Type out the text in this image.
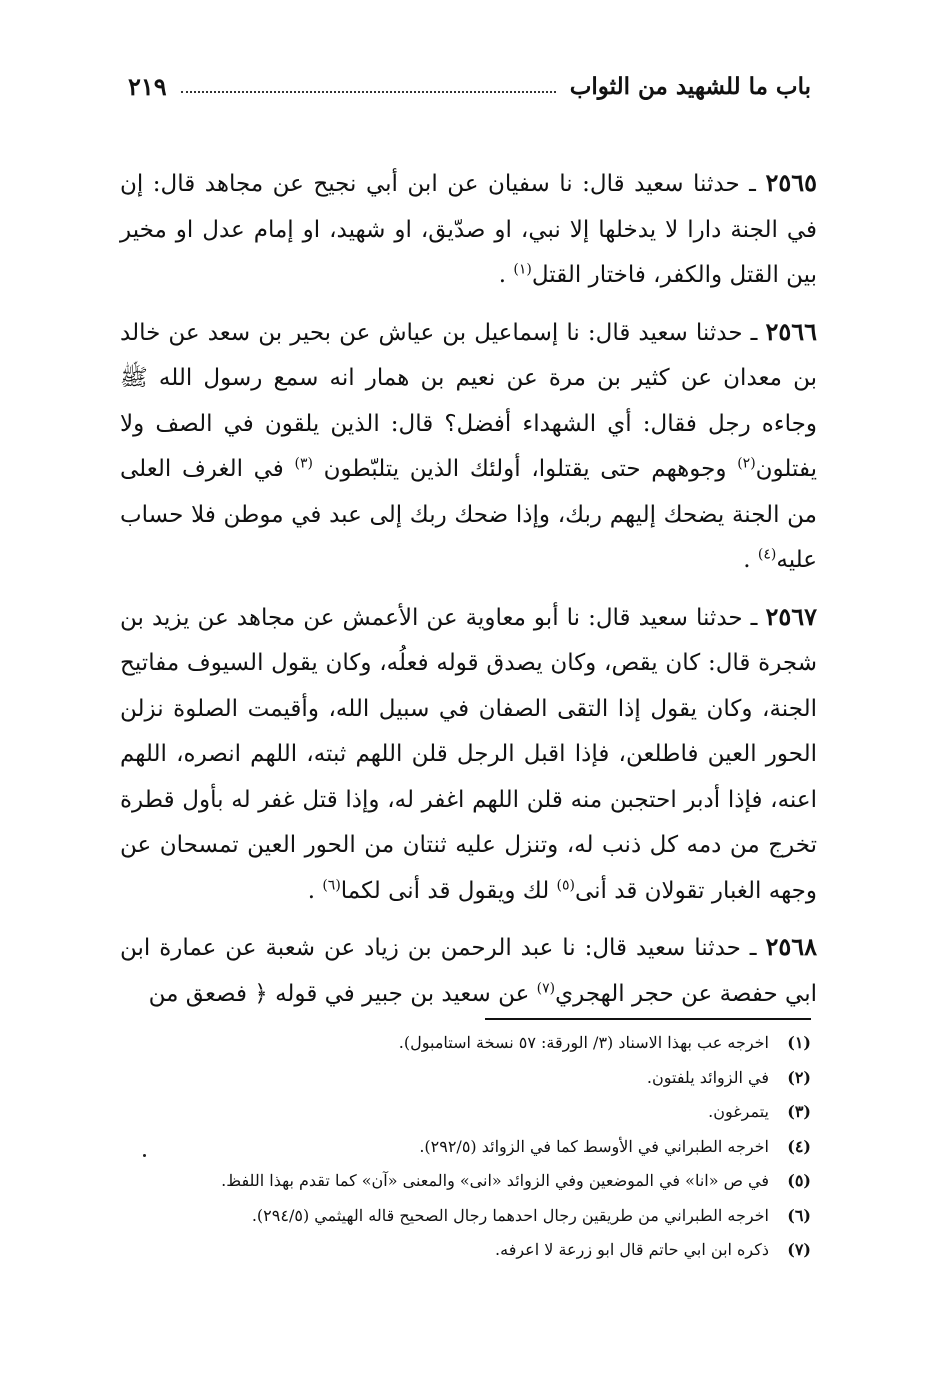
باب ما للشهيد من الثواب
٢١٩

٢٥٦٥ ـ حدثنا سعيد قال: نا سفيان عن ابن أبي نجيح عن مجاهد قال: إن في الجنة دارا لا يدخلها إلا نبي، او صدّيق، او شهيد، او إمام عدل او مخير بين القتل والكفر، فاختار القتل$^{(١)}$ .

٢٥٦٦ ـ حدثنا سعيد قال: نا إسماعيل بن عياش عن بحير بن سعد عن خالد بن معدان عن كثير بن مرة عن نعيم بن همار انه سمع رسول الله ﷺ وجاءه رجل فقال: أي الشهداء أفضل؟ قال: الذين يلقون في الصف ولا يفتلون$^{(٢)}$ وجوههم حتى يقتلوا، أولئك الذين يتلبّطون $^{(٣)}$ في الغرف العلى من الجنة يضحك إليهم ربك، وإذا ضحك ربك إلى عبد في موطن فلا حساب عليه$^{(٤)}$ .

٢٥٦٧ ـ حدثنا سعيد قال: نا أبو معاوية عن الأعمش عن مجاهد عن يزيد بن شجرة قال: كان يقص، وكان يصدق قوله فعلُه، وكان يقول السيوف مفاتيح الجنة، وكان يقول إذا التقى الصفان في سبيل الله، وأقيمت الصلوة نزلن الحور العين فاطلعن، فإذا اقبل الرجل قلن اللهم ثبته، اللهم انصره، اللهم اعنه، فإذا أدبر احتجبن منه قلن اللهم اغفر له، وإذا قتل غفر له بأول قطرة تخرج من دمه كل ذنب له، وتنزل عليه ثنتان من الحور العين تمسحان عن وجهه الغبار تقولان قد أنى$^{(٥)}$ لك ويقول قد أنى لكما$^{(٦)}$ .

٢٥٦٨ ـ حدثنا سعيد قال: نا عبد الرحمن بن زياد عن شعبة عن عمارة ابن ابي حفصة عن حجر الهجري$^{(٧)}$ عن سعيد بن جبير في قوله ﴿ فصعق من

(١)
اخرجه عب بهذا الاسناد (٣/ الورقة: ٥٧ نسخة استامبول).
(٢)
في الزوائد يلفتون.
(٣)
يتمرغون.
(٤)
اخرجه الطبراني في الأوسط كما في الزوائد (٢٩٢/٥).
(٥)
في ص «انا» في الموضعين وفي الزوائد «انى» والمعنى «آن» كما تقدم بهذا اللفظ.
(٦)
اخرجه الطبراني من طريقين رجال احدهما رجال الصحيح قاله الهيثمي (٢٩٤/٥).
(٧)
ذكره ابن ابي حاتم قال ابو زرعة لا اعرفه.
